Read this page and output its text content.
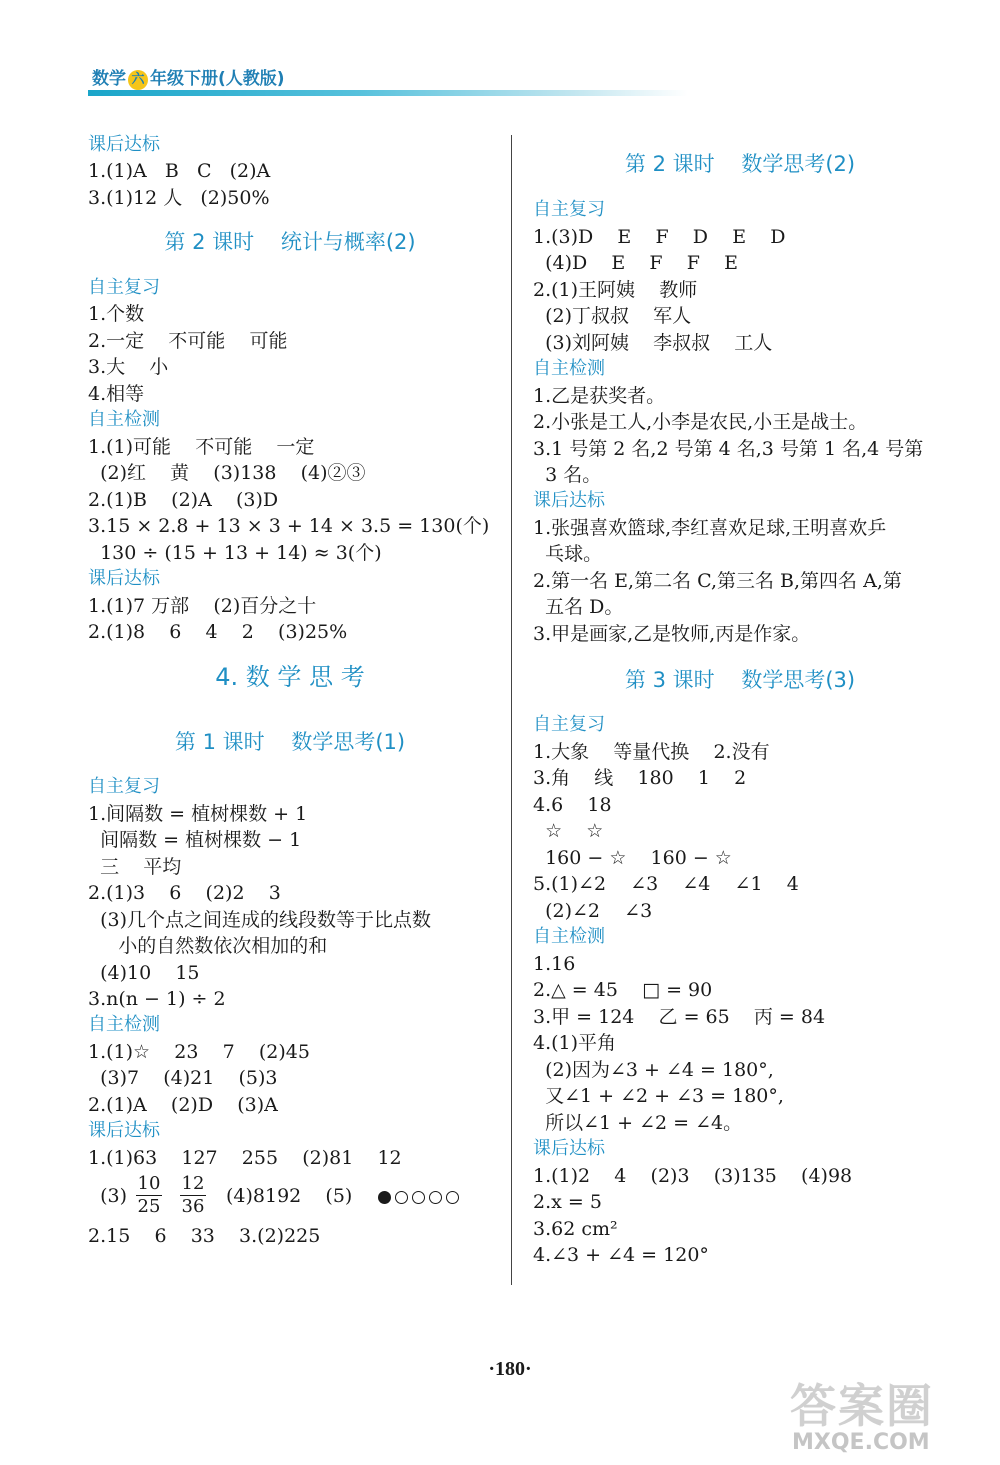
数学 六 年级下册(人教版)
课后达标
1.(1)A   B   C   (2)A
3.(1)12 人   (2)50%
第 2 课时    统计与概率(2)
自主复习
1.个数
2.一定    不可能    可能
3.大    小
4.相等
自主检测
1.(1)可能    不可能    一定
(2)红    黄    (3)138    (4)②③
2.(1)B    (2)A    (3)D
3.15 × 2.8 + 13 × 3 + 14 × 3.5 = 130(个)
130 ÷ (15 + 13 + 14) ≈ 3(个)
课后达标
1.(1)7 万部    (2)百分之十
2.(1)8    6    4    2    (3)25%
4. 数 学 思 考
第 1 课时    数学思考(1)
自主复习
1.间隔数 = 植树棵数 + 1
间隔数 = 植树棵数 − 1
三    平均
2.(1)3    6    (2)2    3
(3)几个点之间连成的线段数等于比点数
小的自然数依次相加的和
(4)10    15
3.n(n − 1) ÷ 2
自主检测
1.(1)☆    23    7    (2)45
(3)7    (4)21    (5)3
2.(1)A    (2)D    (3)A
课后达标
1.(1)63    127    255    (2)81    12
$(3) \frac{10}{25} \frac{12}{36} (4)8192$    (5)
2.15    6    33    3.(2)225
第 2 课时    数学思考(2)
自主复习
1.(3)D    E    F    D    E    D
(4)D    E    F    F    E
2.(1)王阿姨    教师
(2)丁叔叔    军人
(3)刘阿姨    李叔叔    工人
自主检测
1.乙是获奖者。
2.小张是工人,小李是农民,小王是战士。
3.1 号第 2 名,2 号第 4 名,3 号第 1 名,4 号第
3 名。
课后达标
1.张强喜欢篮球,李红喜欢足球,王明喜欢乒
乓球。
2.第一名 E,第二名 C,第三名 B,第四名 A,第
五名 D。
3.甲是画家,乙是牧师,丙是作家。
第 3 课时    数学思考(3)
自主复习
1.大象    等量代换    2.没有
3.角    线    180    1    2
4.6    18
☆    ☆
160 − ☆    160 − ☆
5.(1)∠2    ∠3    ∠4    ∠1    4
(2)∠2    ∠3
自主检测
1.16
2.△ = 45    □ = 90
3.甲 = 124    乙 = 65    丙 = 84
4.(1)平角
(2)因为∠3 + ∠4 = 180°,
又∠1 + ∠2 + ∠3 = 180°,
所以∠1 + ∠2 = ∠4。
课后达标
1.(1)2    4    (2)3    (3)135    (4)98
2.x = 5
3.62 cm²
4.∠3 + ∠4 = 120°
·180·
答案圈
MXQE.COM
